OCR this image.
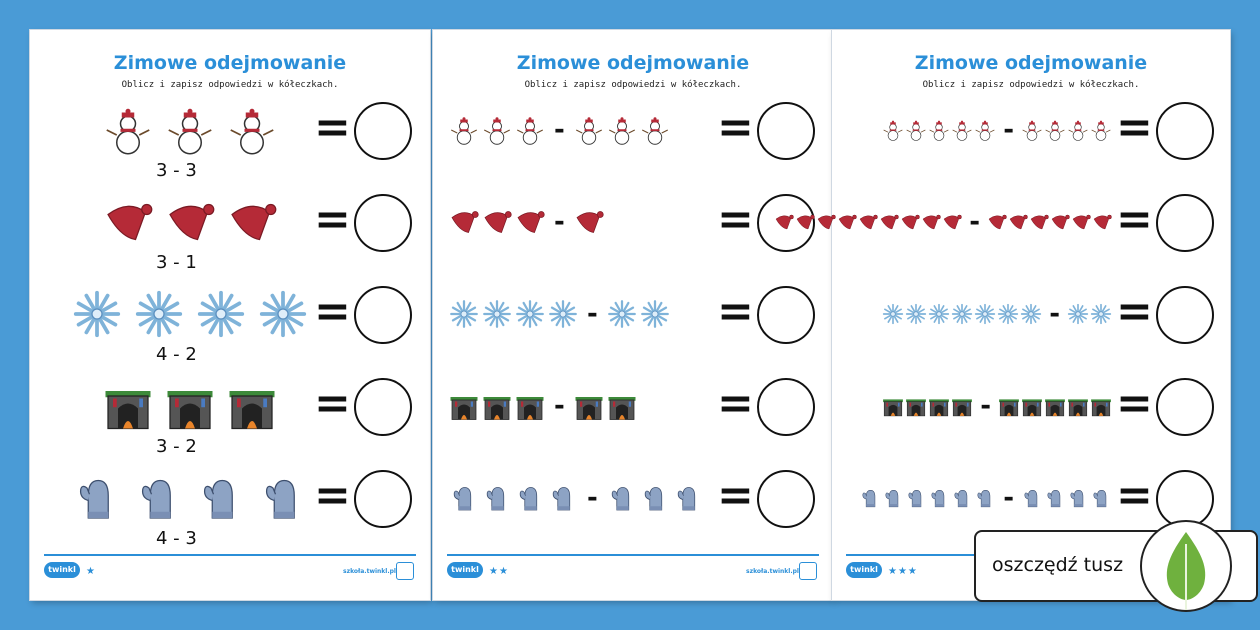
Zimowe odejmowanie
Oblicz i zapisz odpowiedzi w kółeczkach.
3 - 3
=
3 - 1
=
4 - 2
=
3 - 2
=
4 - 3
=
twinkl	★	szkoła.twinkl.pl
Zimowe odejmowanie
Oblicz i zapisz odpowiedzi w kółeczkach.
-	=
-	=
-	=
-	=
-	=
twinkl	★★	szkoła.twinkl.pl
Zimowe odejmowanie
Oblicz i zapisz odpowiedzi w kółeczkach.
- =
-	=
- =
-	=
- =
twinkl	★★★	oszczędź tusz
